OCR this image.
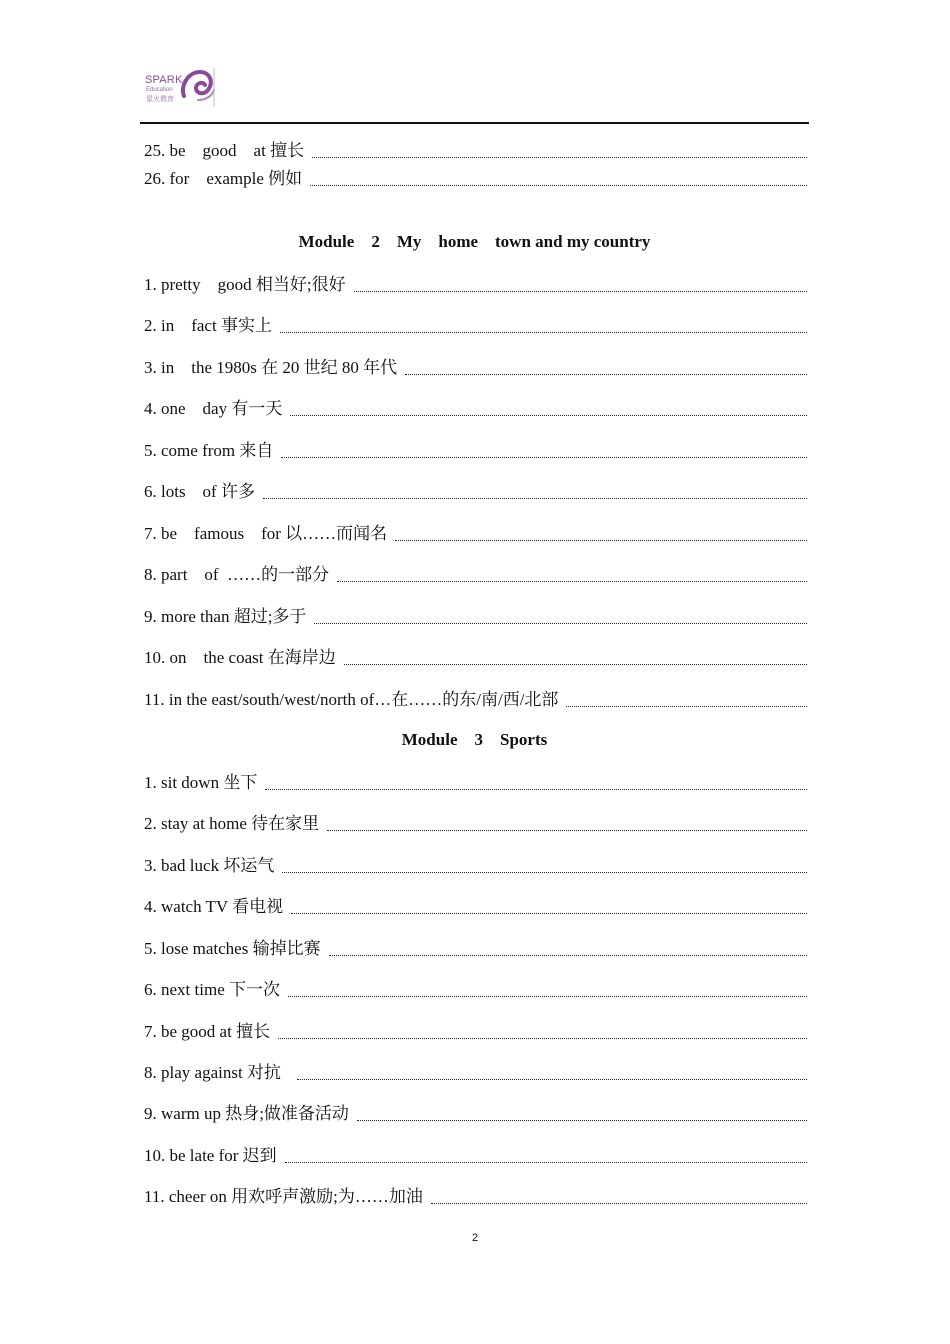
SPARK
Education
星火教育
25. be    good    at 擅长
26. for    example 例如
Module    2    My    home    town and my country
1. pretty    good 相当好;很好
2. in    fact 事实上
3. in    the 1980s 在 20 世纪 80 年代
4. one    day 有一天
5. come from 来自
6. lots    of 许多
7. be    famous    for 以……而闻名
8. part    of  ……的一部分
9. more than 超过;多于
10. on    the coast 在海岸边
11. in the east/south/west/north of…在……的东/南/西/北部
Module    3    Sports
1. sit down 坐下
2. stay at home 待在家里
3. bad luck 坏运气
4. watch TV 看电视
5. lose matches 输掉比赛
6. next time 下一次
7. be good at 擅长
8. play against 对抗
9. warm up 热身;做准备活动
10. be late for 迟到
11. cheer on 用欢呼声激励;为……加油
2
